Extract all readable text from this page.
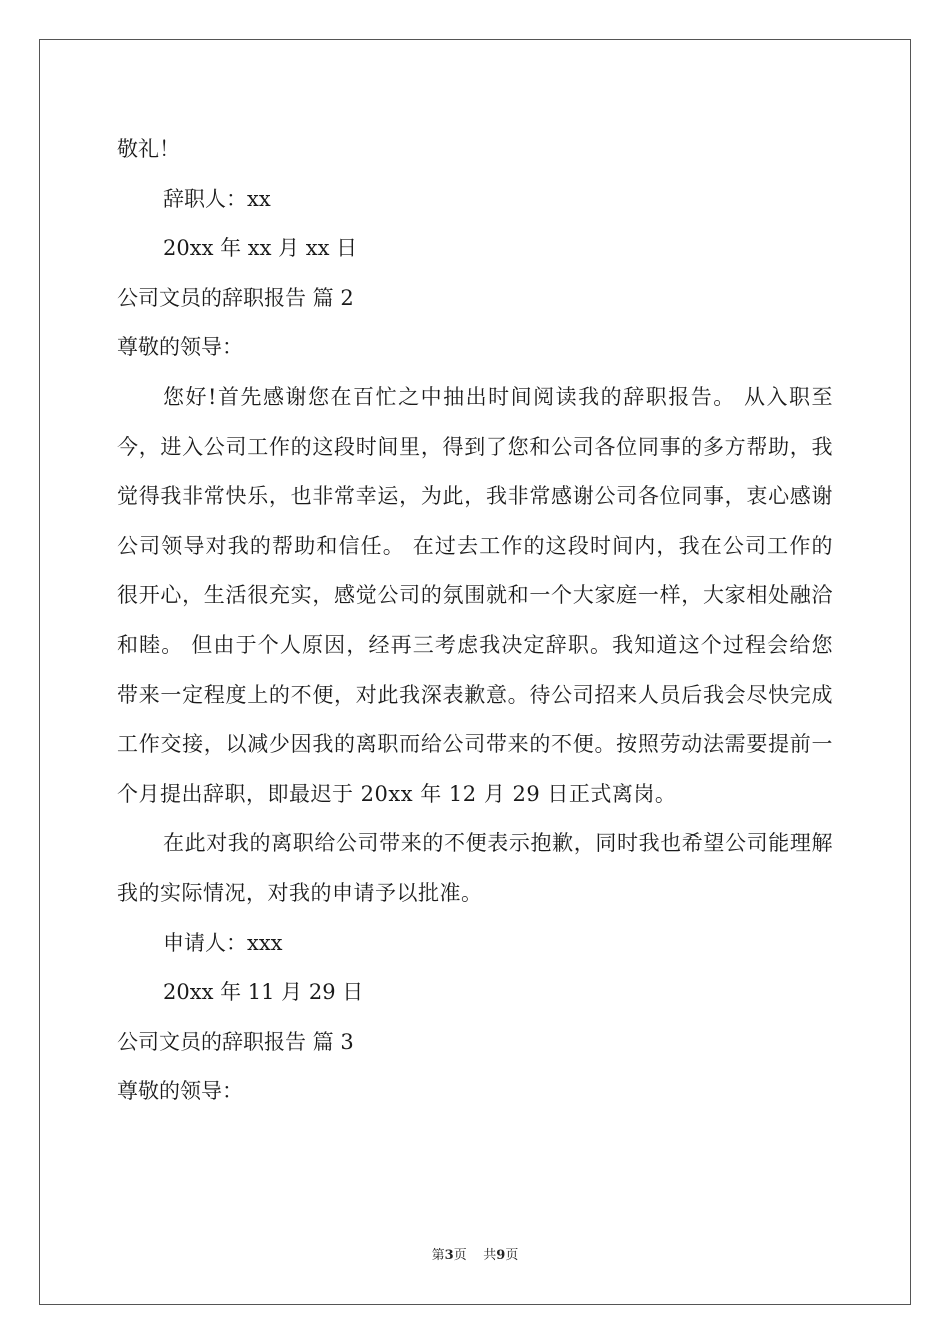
敬礼！
辞职人：xx
20xx 年 xx 月 xx 日
公司文员的辞职报告 篇 2
尊敬的领导：

您好!首先感谢您在百忙之中抽出时间阅读我的辞职报告。 从入职至今，进入公司工作的这段时间里，得到了您和公司各位同事的多方帮助，我觉得我非常快乐，也非常幸运，为此，我非常感谢公司各位同事，衷心感谢公司领导对我的帮助和信任。 在过去工作的这段时间内，我在公司工作的很开心，生活很充实，感觉公司的氛围就和一个大家庭一样，大家相处融洽和睦。 但由于个人原因，经再三考虑我决定辞职。我知道这个过程会给您带来一定程度上的不便，对此我深表歉意。待公司招来人员后我会尽快完成工作交接，以减少因我的离职而给公司带来的不便。按照劳动法需要提前一个月提出辞职，即最迟于 20xx 年 12 月 29 日正式离岗。

在此对我的离职给公司带来的不便表示抱歉，同时我也希望公司能理解我的实际情况，对我的申请予以批准。

申请人：xxx
20xx 年 11 月 29 日
公司文员的辞职报告 篇 3
尊敬的领导：
第3页 共9页
